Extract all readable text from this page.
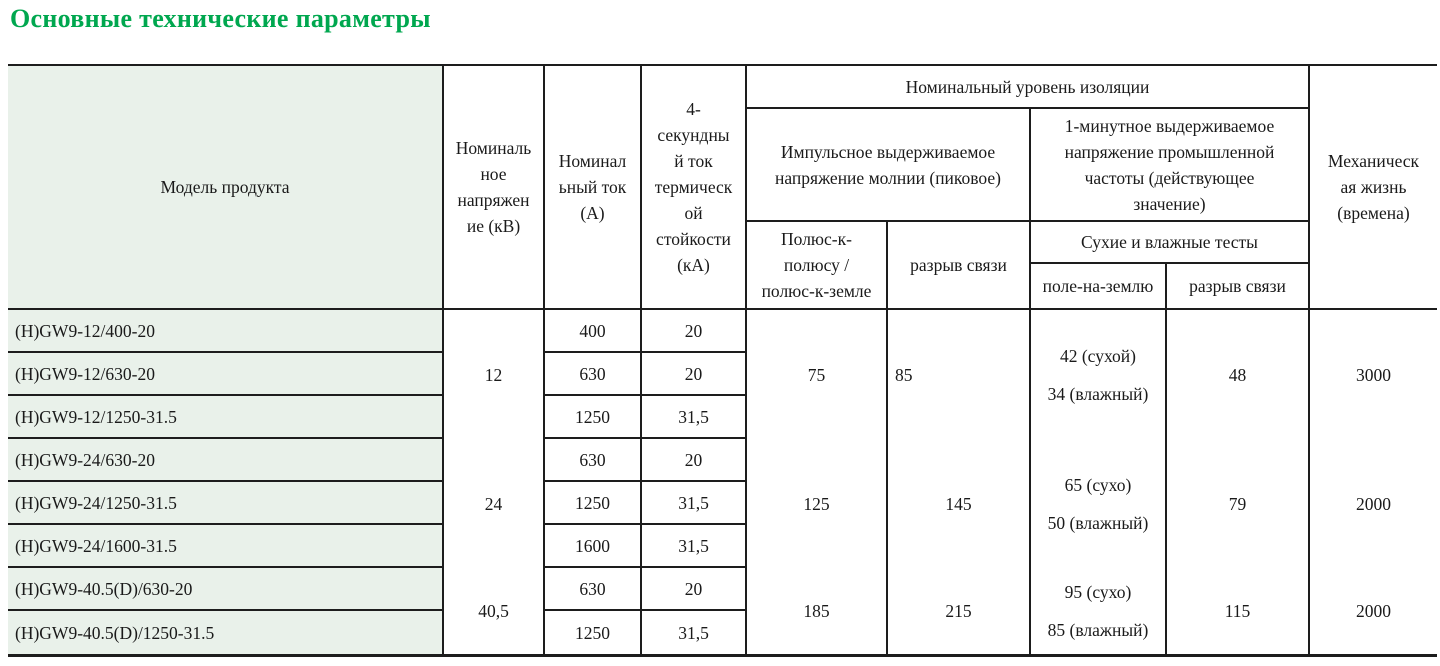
Основные технические параметры
Модель продукта
Номиналь
ное
напряжен
ие (кВ)
Номинал
ьный ток
(А)
4-
секундны
й ток
термическ
ой
стойкости
(кА)
Номинальный уровень изоляции
Механическ
ая жизнь
(времена)
Импульсное выдерживаемое
напряжение молнии (пиковое)
1-минутное выдерживаемое
напряжение промышленной
частоты (действующее
значение)
Полюс-к-
полюсу /
полюс-к-земле
разрыв связи
Сухие и влажные тесты
поле-на-землю	разрыв связи
(H)GW9-12/400-20
(H)GW9-12/630-20
(H)GW9-12/1250-31.5
(H)GW9-24/630-20
(H)GW9-24/1250-31.5
(H)GW9-24/1600-31.5
(H)GW9-40.5(D)/630-20
(H)GW9-40.5(D)/1250-31.5
12
24
40,5
400
630
1250
630
1250
1600
630
1250
20
20
31,5
20
31,5
31,5
20
31,5
75
125
185
85
145
215
42 (сухой)
34 (влажный)
65 (сухо)
50 (влажный)
95 (сухо)
85 (влажный)
48
79
115
3000
2000
2000
